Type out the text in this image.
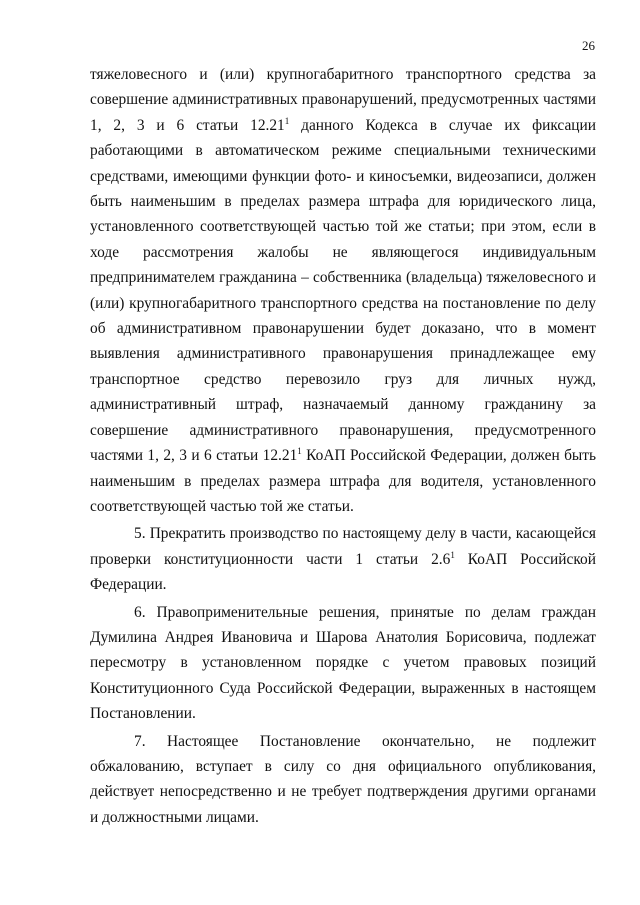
26

тяжеловесного и (или) крупногабаритного транспортного средства за совершение административных правонарушений, предусмотренных частями 1, 2, 3 и 6 статьи 12.21$^1$ данного Кодекса в случае их фиксации работающими в автоматическом режиме специальными техническими средствами, имеющими функции фото- и киносъемки, видеозаписи, должен быть наименьшим в пределах размера штрафа для юридического лица, установленного соответствующей частью той же статьи; при этом, если в ходе рассмотрения жалобы не являющегося индивидуальным предпринимателем гражданина – собственника (владельца) тяжеловесного и (или) крупногабаритного транспортного средства на постановление по делу об административном правонарушении будет доказано, что в момент выявления административного правонарушения принадлежащее ему транспортное средство перевозило груз для личных нужд, административный штраф, назначаемый данному гражданину за совершение административного правонарушения, предусмотренного частями 1, 2, 3 и 6 статьи 12.21$^1$ КоАП Российской Федерации, должен быть наименьшим в пределах размера штрафа для водителя, установленного соответствующей частью той же статьи.

5. Прекратить производство по настоящему делу в части, касающейся проверки конституционности части 1 статьи $2.6^1$ КоАП Российской Федерации.

6. Правоприменительные решения, принятые по делам граждан Думилина Андрея Ивановича и Шарова Анатолия Борисовича, подлежат пересмотру в установленном порядке с учетом правовых позиций Конституционного Суда Российской Федерации, выраженных в настоящем Постановлении.

7. Настоящее Постановление окончательно, не подлежит обжалованию, вступает в силу со дня официального опубликования, действует непосредственно и не требует подтверждения другими органами и должностными лицами.
